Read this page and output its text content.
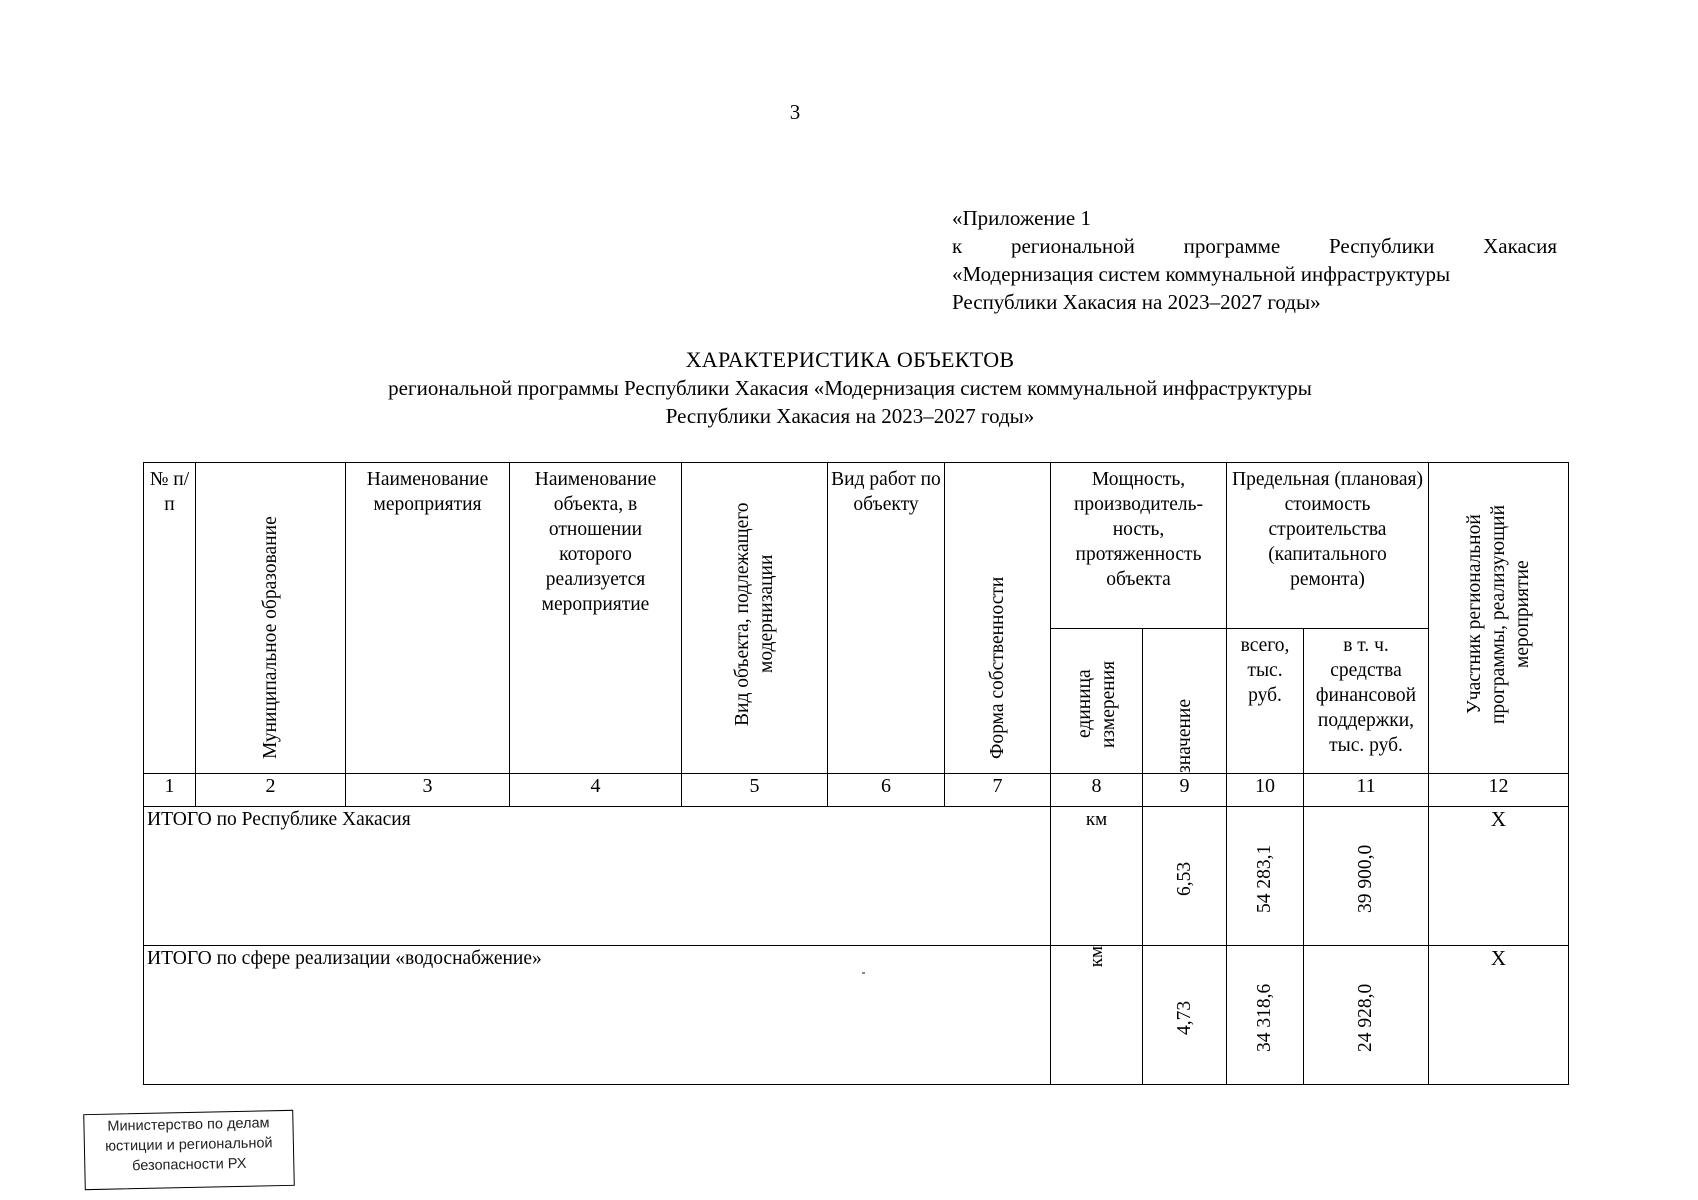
3
«Приложение 1
к региональной программе Республики Хакасия
«Модернизация систем коммунальной инфраструктуры
Республики Хакасия на 2023–2027 годы»
ХАРАКТЕРИСТИКА ОБЪЕКТОВ
региональной программы Республики Хакасия «Модернизация систем коммунальной инфраструктуры
Республики Хакасия на 2023–2027 годы»
№ п/п	Муниципальное образование	Наименование мероприятия	Наименование объекта, в отношении которого реализуется мероприятие	Вид объекта, подлежащего модернизации	Вид работ по объекту	Форма собственности	Мощность, производитель-ность, протяженность объекта		Предельная (плановая) стоимость строительства (капитального ремонта)		Участник региональной программы, реализующий мероприятие

единица измерения	значение	всего, тыс. руб.	в т. ч. средства финансовой поддержки, тыс. руб.	

1	2	3	4	5	6	7	8	9	10	11	12
ИТОГО по Республике Хакасия							км	6,53	54 283,1	39 900,0	Х
ИТОГО по сфере реализации «водоснабжение»							км	4,73	34 318,6	24 928,0	Х
Министерство по делам
юстиции и региональной
безопасности РХ
